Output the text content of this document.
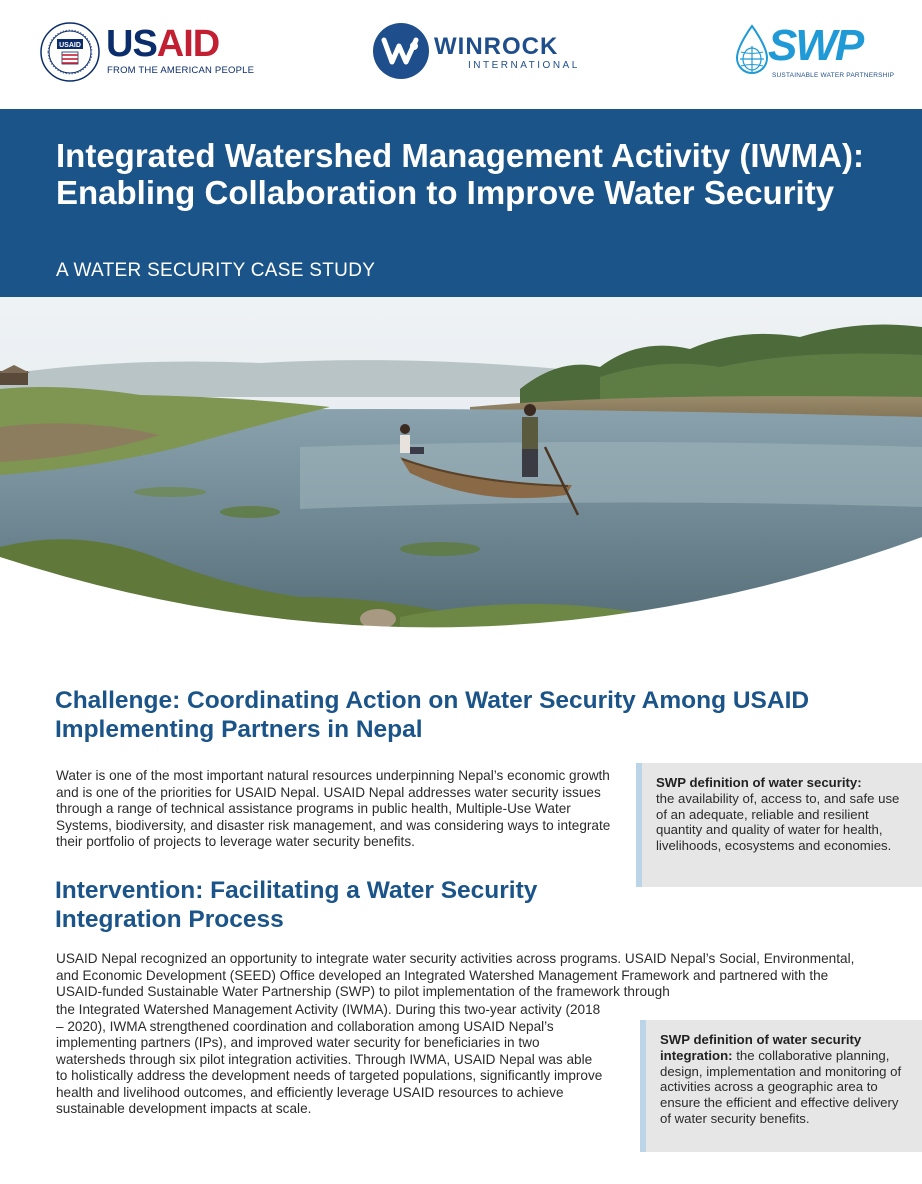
USAID USAID
FROM THE AMERICAN PEOPLE
WINROCK
INTERNATIONAL	SWP
SUSTAINABLE WATER PARTNERSHIP
Integrated Watershed Management Activity (IWMA): Enabling Collaboration to Improve Water Security
A WATER SECURITY CASE STUDY
Challenge: Coordinating Action on Water Security Among USAID Implementing Partners in Nepal
Water is one of the most important natural resources underpinning Nepal’s economic growth and is one of the priorities for USAID Nepal. USAID Nepal addresses water security issues through a range of technical assistance programs in public health, Multiple-Use Water Systems, biodiversity, and disaster risk management, and was considering ways to integrate their portfolio of projects to leverage water security benefits.
SWP definition of water security:
the availability of, access to, and safe use of an adequate, reliable and resilient quantity and quality of water for health, livelihoods, ecosystems and economies.
Intervention: Facilitating a Water Security Integration Process
USAID Nepal recognized an opportunity to integrate water security activities across programs. USAID Nepal’s Social, Environmental, and Economic Development (SEED) Office developed an Integrated Watershed Management Framework and partnered with the USAID-funded Sustainable Water Partnership (SWP) to pilot implementation of the framework through
the Integrated Watershed Management Activity (IWMA). During this two-year activity (2018 – 2020), IWMA strengthened coordination and collaboration among USAID Nepal’s implementing partners (IPs), and improved water security for beneficiaries in two watersheds through six pilot integration activities. Through IWMA, USAID Nepal was able to holistically address the development needs of targeted populations, significantly improve health and livelihood outcomes, and efficiently leverage USAID resources to achieve sustainable development impacts at scale.
SWP definition of water security integration: the collaborative planning, design, implementation and monitoring of activities across a geographic area to ensure the efficient and effective delivery of water security benefits.
